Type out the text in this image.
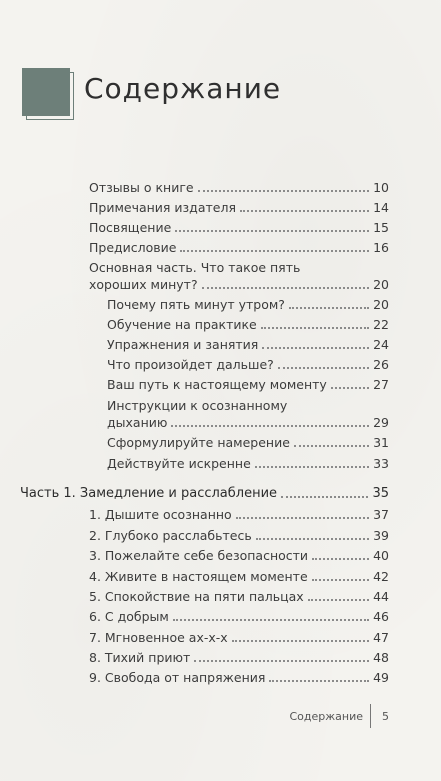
Содержание
Отзывы о книге	10
Примечания издателя	14
Посвящение	15
Предисловие	16
Основная часть. Что такое пять
хороших минут?	20
Почему пять минут утром?	20
Обучение на практике	22
Упражнения и занятия	24
Что произойдет дальше?	26
Ваш путь к настоящему моменту	27
Инструкции к осознанному
дыханию	29
Сформулируйте намерение	31
Действуйте искренне	33
Часть 1. Замедление и расслабление	35
1. Дышите осознанно	37
2. Глубоко расслабьтесь	39
3. Пожелайте себе безопасности	40
4. Живите в настоящем моменте	42
5. Спокойствие на пяти пальцах	44
6. С добрым	46
7. Мгновенное ах-х-х	47
8. Тихий приют	48
9. Свобода от напряжения	49
Содержание 5
